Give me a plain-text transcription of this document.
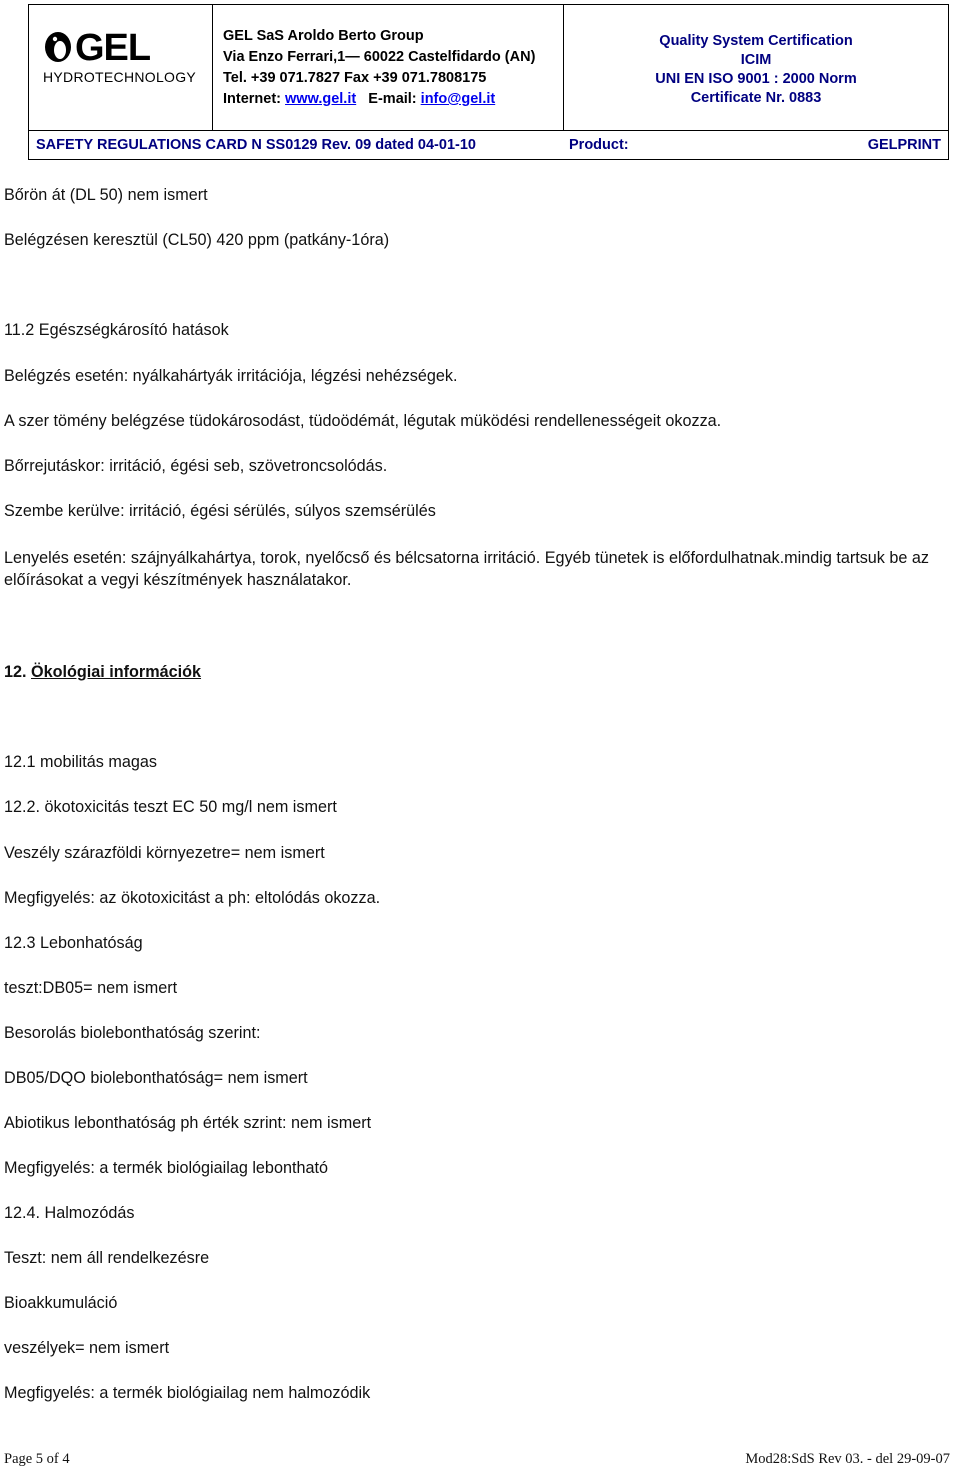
GEL
HYDROTECHNOLOGY
GEL SaS Aroldo Berto Group
Via Enzo Ferrari,1— 60022 Castelfidardo (AN)
Tel. +39 071.7827 Fax +39 071.7808175
Internet: www.gel.it E-mail: info@gel.it
Quality System Certification
ICIM
UNI EN ISO 9001 : 2000 Norm
Certificate Nr. 0883
SAFETY REGULATIONS CARD N SS0129 Rev. 09 dated 04-01-10	Product:	GELPRINT
Bőrön át (DL 50) nem ismert
Belégzésen keresztül (CL50) 420 ppm (patkány-1óra)
11.2 Egészségkárosító hatások
Belégzés esetén: nyálkahártyák irritációja, légzési nehézségek.
A szer tömény belégzése tüdokárosodást, tüdoödémát, légutak müködési rendellenességeit okozza.
Bőrrejutáskor: irritáció, égési seb, szövetroncsolódás.
Szembe kerülve: irritáció, égési sérülés, súlyos szemsérülés
Lenyelés esetén: szájnyálkahártya, torok, nyelőcső és bélcsatorna irritáció. Egyéb tünetek is előfordulhatnak.mindig tartsuk be az előírásokat a vegyi készítmények használatakor.
12. Ökológiai információk
12.1 mobilitás magas
12.2. ökotoxicitás teszt EC 50 mg/l nem ismert
Veszély szárazföldi környezetre= nem ismert
Megfigyelés: az ökotoxicitást a ph: eltolódás okozza.
12.3 Lebonhatóság
teszt:DB05= nem ismert
Besorolás biolebonthatóság szerint:
DB05/DQO biolebonthatóság= nem ismert
Abiotikus lebonthatóság ph érték szrint: nem ismert
Megfigyelés: a termék biológiailag lebontható
12.4. Halmozódás
Teszt: nem áll rendelkezésre
Bioakkumuláció
veszélyek= nem ismert
Megfigyelés: a termék biológiailag nem halmozódik
Page 5 of 4	Mod28:SdS Rev 03. - del 29-09-07
